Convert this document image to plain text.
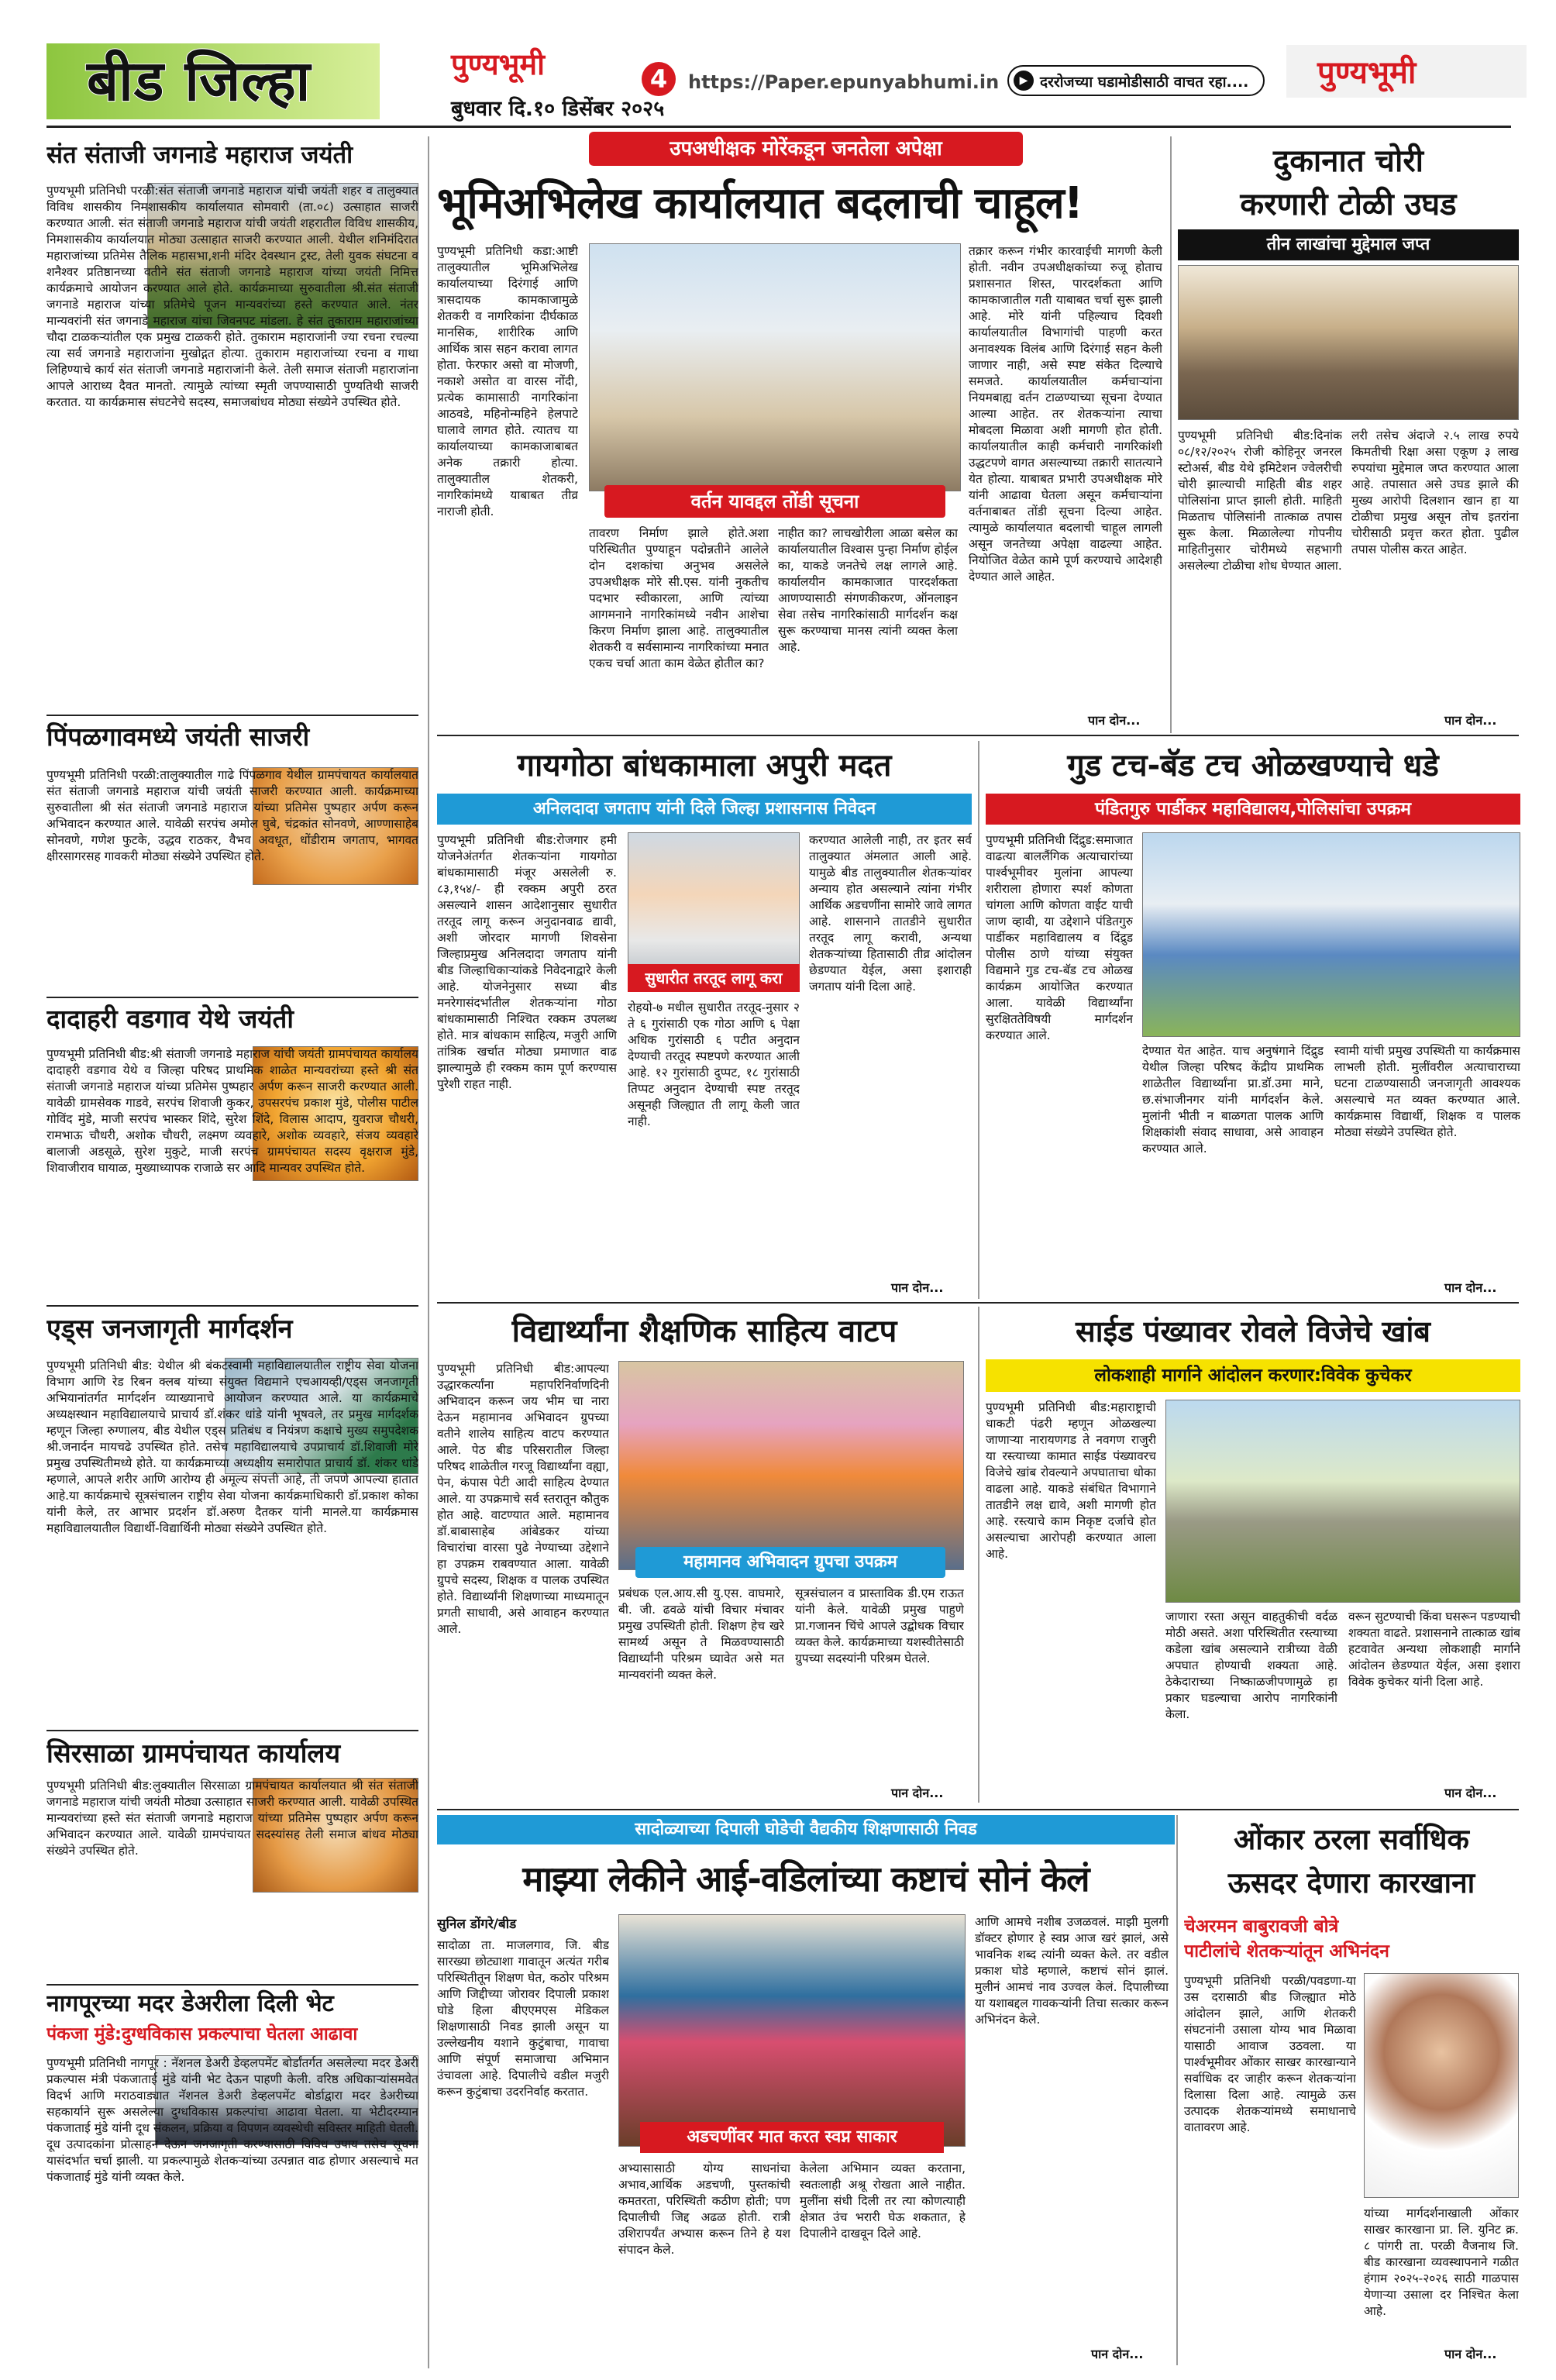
बीड जिल्हा	पुण्यभूमी
बुधवार दि.१० डिसेंबर २०२५
4	https://Paper.epunyabhumi.in	▶ दररोजच्या घडामोडीसाठी वाचत रहा.... पुण्यभूमी
संत संताजी जगनाडे महाराज जयंती
पुण्यभूमी प्रतिनिधी परळी:संत संताजी जगनाडे महाराज यांची जयंती शहर व तालुक्यात विविध शासकीय निमशासकीय कार्यालयात सोमवारी (ता.०८) उत्साहात साजरी करण्यात आली. संत संताजी जगनाडे महाराज यांची जयंती शहरातील विविध शासकीय, निमशासकीय कार्यालयात मोठ्या उत्साहात साजरी करण्यात आली. येथील शनिमंदिरात महाराजांच्या प्रतिमेस तैलिक महासभा,शनी मंदिर देवस्थान ट्रस्ट, तेली युवक संघटना व शनैश्वर प्रतिष्ठानच्या वतीने संत संताजी जगनाडे महाराज यांच्या जयंती निमित्त कार्यक्रमाचे आयोजन करण्यात आले होते. कार्यक्रमाच्या सुरुवातीला श्री.संत संताजी जगनाडे महाराज यांच्या प्रतिमेचे पूजन मान्यवरांच्या हस्ते करण्यात आले. नंतर मान्यवरांनी संत जगनाडे महाराज यांचा जिवनपट मांडला. हे संत तुकाराम महाराजांच्या चौदा टाळकऱ्यांतील एक प्रमुख टाळकरी होते. तुकाराम महाराजांनी ज्या रचना रचल्या त्या सर्व जगनाडे महाराजांना मुखोद्गत होत्या. तुकाराम महाराजांच्या रचना व गाथा लिहिण्याचे कार्य संत संताजी जगनाडे महाराजांनी केले. तेली समाज संताजी महाराजांना आपले आराध्य दैवत मानतो. त्यामुळे त्यांच्या स्मृती जपण्यासाठी पुण्यतिथी साजरी करतात. या कार्यक्रमास संघटनेचे सदस्य, समाजबांधव मोठ्या संख्येने उपस्थित होते.
पिंपळगावमध्ये जयंती साजरी
पुण्यभूमी प्रतिनिधी परळी:तालुक्यातील गाढे पिंपळगाव येथील ग्रामपंचायत कार्यालयात संत संताजी जगनाडे महाराज यांची जयंती साजरी करण्यात आली. कार्यक्रमाच्या सुरुवातीला श्री संत संताजी जगनाडे महाराज यांच्या प्रतिमेस पुष्पहार अर्पण करून अभिवादन करण्यात आले. यावेळी सरपंच अमोल घुबे, चंद्रकांत सोनवणे, आण्णासाहेब सोनवणे, गणेश फुटके, उद्धव राठकर, वैभव अवधूत, धोंडीराम जगताप, भागवत क्षीरसागरसह गावकरी मोठ्या संख्येने उपस्थित होते.
दादाहरी वडगाव येथे जयंती
पुण्यभूमी प्रतिनिधी बीड:श्री संताजी जगनाडे महाराज यांची जयंती ग्रामपंचायत कार्यालय दादाहरी वडगाव येथे व जिल्हा परिषद प्राथमिक शाळेत मान्यवरांच्या हस्ते श्री संत संताजी जगनाडे महाराज यांच्या प्रतिमेस पुष्पहार अर्पण करून साजरी करण्यात आली. यावेळी ग्रामसेवक गाडवे, सरपंच शिवाजी कुकर, उपसरपंच प्रकाश मुंडे, पोलीस पाटील गोविंद मुंडे, माजी सरपंच भास्कर शिंदे, सुरेश शिंदे, विलास आदाप, युवराज चौधरी, रामभाऊ चौधरी, अशोक चौधरी, लक्ष्मण व्यवहारे, अशोक व्यवहारे, संजय व्यवहारे बालाजी अडसूळे, सुरेश मुकुटे, माजी सरपंच ग्रामपंचायत सदस्य वृक्षराज मुंडे, शिवाजीराव घायाळ, मुख्याध्यापक राजाळे सर आदि मान्यवर उपस्थित होते.
एड्स जनजागृती मार्गदर्शन
पुण्यभूमी प्रतिनिधी बीड: येथील श्री बंकटस्वामी महाविद्यालयातील राष्ट्रीय सेवा योजना विभाग आणि रेड रिबन क्लब यांच्या संयुक्त विद्यमाने एचआयव्ही/एड्स जनजागृती अभियानांतर्गत मार्गदर्शन व्याख्यानाचे आयोजन करण्यात आले. या कार्यक्रमाचे अध्यक्षस्थान महाविद्यालयाचे प्राचार्य डॉ.शंकर धांडे यांनी भूषवले, तर प्रमुख मार्गदर्शक म्हणून जिल्हा रुग्णालय, बीड येथील एड्स प्रतिबंध व नियंत्रण कक्षाचे मुख्य समुपदेशक श्री.जनार्दन मायचढे उपस्थित होते. तसेच महाविद्यालयाचे उपप्राचार्य डॉ.शिवाजी मोरे प्रमुख उपस्थितीमध्ये होते. या कार्यक्रमाच्या अध्यक्षीय समारोपात प्राचार्य डॉ. शंकर धांडे म्हणाले, आपले शरीर आणि आरोग्य ही अमूल्य संपत्ती आहे, ती जपणे आपल्या हातात आहे.या कार्यक्रमाचे सूत्रसंचालन राष्ट्रीय सेवा योजना कार्यक्रमाधिकारी डॉ.प्रकाश कोका यांनी केले, तर आभार प्रदर्शन डॉ.अरुण दैतकर यांनी मानले.या कार्यक्रमास महाविद्यालयातील विद्यार्थी-विद्यार्थिनी मोठ्या संख्येने उपस्थित होते.
सिरसाळा ग्रामपंचायत कार्यालय
पुण्यभूमी प्रतिनिधी बीड:लुक्यातील सिरसाळा ग्रामपंचायत कार्यालयात श्री संत संताजी जगनाडे महाराज यांची जयंती मोठ्या उत्साहात साजरी करण्यात आली. यावेळी उपस्थित मान्यवरांच्या हस्ते संत संताजी जगनाडे महाराज यांच्या प्रतिमेस पुष्पहार अर्पण करून अभिवादन करण्यात आले. यावेळी ग्रामपंचायत सदस्यांसह तेली समाज बांधव मोठ्या संख्येने उपस्थित होते.
नागपूरच्या मदर डेअरीला दिली भेट
पंकजा मुंडे:दुग्धविकास प्रकल्पाचा घेतला आढावा
पुण्यभूमी प्रतिनिधी नागपूर : नॅशनल डेअरी डेव्हलपमेंट बोर्डांतर्गत असलेल्या मदर डेअरी प्रकल्पास मंत्री पंकजाताई मुंडे यांनी भेट देऊन पाहणी केली. वरिष्ठ अधिकाऱ्यांसमवेत विदर्भ आणि मराठवाड्यात नॅशनल डेअरी डेव्हलपमेंट बोर्डाद्वारा मदर डेअरीच्या सहकार्याने सुरू असलेल्या दुग्धविकास प्रकल्पांचा आढावा घेतला. या भेटीदरम्यान पंकजाताई मुंडे यांनी दूध संकलन, प्रक्रिया व विपणन व्यवस्थेची सविस्तर माहिती घेतली. दूध उत्पादकांना प्रोत्साहन देऊन जनजागृती करण्यासाठी विविध उपाय तसेच सूचना यासंदर्भात चर्चा झाली. या प्रकल्पामुळे शेतकऱ्यांच्या उत्पन्नात वाढ होणार असल्याचे मत पंकजाताई मुंडे यांनी व्यक्त केले.
उपअधीक्षक मोरेंकडून जनतेला अपेक्षा
भूमिअभिलेख कार्यालयात बदलाची चाहूल!
पुण्यभूमी प्रतिनिधी कडा:आष्टी तालुक्यातील भूमिअभिलेख कार्यालयाच्या दिरंगाई आणि त्रासदायक कामकाजामुळे शेतकरी व नागरिकांना दीर्घकाळ मानसिक, शारीरिक आणि आर्थिक त्रास सहन करावा लागत होता. फेरफार असो वा मोजणी, नकाशे असोत वा वारस नोंदी, प्रत्येक कामासाठी नागरिकांना आठवडे, महिनोन्महिने हेलपाटे घालावे लागत होते. त्यातच या कार्यालयाच्या कामकाजाबाबत अनेक तक्रारी होत्या. तालुक्यातील शेतकरी, नागरिकांमध्ये याबाबत तीव्र नाराजी होती.	वर्तन यावद्दल तोंडी सूचना
तावरण निर्माण झाले होते.अशा परिस्थितीत पुण्याहून पदोन्नतीने आलेले दोन दशकांचा अनुभव असलेले उपअधीक्षक मोरे सी.एस. यांनी नुकतीच पदभार स्वीकारला, आणि त्यांच्या आगमनाने नागरिकांमध्ये नवीन आशेचा किरण निर्माण झाला आहे. तालुक्यातील शेतकरी व सर्वसामान्य नागरिकांच्या मनात एकच चर्चा आता काम वेळेत होतील का?
नाहीत का? लाचखोरीला आळा बसेल का कार्यालयातील विश्वास पुन्हा निर्माण होईल का, याकडे जनतेचे लक्ष लागले आहे. कार्यालयीन कामकाजात पारदर्शकता आणण्यासाठी संगणकीकरण, ऑनलाइन सेवा तसेच नागरिकांसाठी मार्गदर्शन कक्ष सुरू करण्याचा मानस त्यांनी व्यक्त केला आहे.
तक्रार करून गंभीर कारवाईची मागणी केली होती. नवीन उपअधीक्षकांच्या रुजू होताच प्रशासनात शिस्त, पारदर्शकता आणि कामकाजातील गती याबाबत चर्चा सुरू झाली आहे. मोरे यांनी पहिल्याच दिवशी कार्यालयातील विभागांची पाहणी करत अनावश्यक विलंब आणि दिरंगाई सहन केली जाणार नाही, असे स्पष्ट संकेत दिल्याचे समजते. कार्यालयातील कर्मचाऱ्यांना नियमबाह्य वर्तन टाळण्याच्या सूचना देण्यात आल्या आहेत. तर शेतकऱ्यांना त्याचा मोबदला मिळावा अशी मागणी होत होती. कार्यालयातील काही कर्मचारी नागरिकांशी उद्धटपणे वागत असल्याच्या तक्रारी सातत्याने येत होत्या. याबाबत प्रभारी उपअधीक्षक मोरे यांनी आढावा घेतला असून कर्मचाऱ्यांना वर्तनाबाबत तोंडी सूचना दिल्या आहेत. त्यामुळे कार्यालयात बदलाची चाहूल लागली असून जनतेच्या अपेक्षा वाढल्या आहेत. नियोजित वेळेत कामे पूर्ण करण्याचे आदेशही देण्यात आले आहेत.
पान दोन...
दुकानात चोरी
करणारी टोळी उघड
तीन लाखांचा मुद्देमाल जप्त
पुण्यभूमी प्रतिनिधी बीड:दिनांक ०८/१२/२०२५ रोजी कोहिनूर जनरल स्टोअर्स, बीड येथे इमिटेशन ज्वेलरीची चोरी झाल्याची माहिती बीड शहर पोलिसांना प्राप्त झाली होती. माहिती मिळताच पोलिसांनी तात्काळ तपास सुरू केला. मिळालेल्या गोपनीय माहितीनुसार चोरीमध्ये सहभागी असलेल्या टोळीचा शोध घेण्यात आला.
लरी तसेच अंदाजे २.५ लाख रुपये किमतीची रिक्षा असा एकूण ३ लाख रुपयांचा मुद्देमाल जप्त करण्यात आला आहे. तपासात असे उघड झाले की मुख्य आरोपी दिलशान खान हा या टोळीचा प्रमुख असून तोच इतरांना चोरीसाठी प्रवृत्त करत होता. पुढील तपास पोलीस करत आहेत.
पान दोन...
गायगोठा बांधकामाला अपुरी मदत
अनिलदादा जगताप यांनी दिले जिल्हा प्रशासनास निवेदन
पुण्यभूमी प्रतिनिधी बीड:रोजगार हमी योजनेअंतर्गत शेतकऱ्यांना गायगोठा बांधकामासाठी मंजूर असलेली रु. ८३,१५४/- ही रक्कम अपुरी ठरत असल्याने शासन आदेशानुसार सुधारीत तरतूद लागू करून अनुदानवाढ द्यावी, अशी जोरदार मागणी शिवसेना जिल्हाप्रमुख अनिलदादा जगताप यांनी बीड जिल्हाधिकाऱ्यांकडे निवेदनाद्वारे केली आहे. योजनेनुसार सध्या बीड मनरेगासंदर्भातील शेतकऱ्यांना गोठा बांधकामासाठी निश्चित रक्कम उपलब्ध होते. मात्र बांधकाम साहित्य, मजुरी आणि तांत्रिक खर्चात मोठ्या प्रमाणात वाढ झाल्यामुळे ही रक्कम काम पूर्ण करण्यास पुरेशी राहत नाही.
सुधारीत तरतूद लागू करा
रोहयो-७ मधील सुधारीत तरतूद-नुसार २ ते ६ गुरांसाठी एक गोठा आणि ६ पेक्षा अधिक गुरांसाठी ६ पटीत अनुदान देण्याची तरतूद स्पष्टपणे करण्यात आली आहे. १२ गुरांसाठी दुप्पट, १८ गुरांसाठी तिप्पट अनुदान देण्याची स्पष्ट तरतूद असूनही जिल्ह्यात ती लागू केली जात नाही.
करण्यात आलेली नाही, तर इतर सर्व तालुक्यात अंमलात आली आहे. यामुळे बीड तालुक्यातील शेतकऱ्यांवर अन्याय होत असल्याने त्यांना गंभीर आर्थिक अडचणींना सामोरे जावे लागत आहे. शासनाने तातडीने सुधारीत तरतूद लागू करावी, अन्यथा शेतकऱ्यांच्या हितासाठी तीव्र आंदोलन छेडण्यात येईल, असा इशाराही जगताप यांनी दिला आहे.
पान दोन...
गुड टच-बॅड टच ओळखण्याचे धडे
पंडितगुरु पार्डीकर महाविद्यालय,पोलिसांचा उपक्रम
पुण्यभूमी प्रतिनिधी दिंद्रुड:समाजात वाढत्या बाललैंगिक अत्याचारांच्या पार्श्वभूमीवर मुलांना आपल्या शरीराला होणारा स्पर्श कोणता चांगला आणि कोणता वाईट याची जाण व्हावी, या उद्देशाने पंडितगुरु पार्डीकर महाविद्यालय व दिंद्रुड पोलीस ठाणे यांच्या संयुक्त विद्यमाने गुड टच-बॅड टच ओळख कार्यक्रम आयोजित करण्यात आला. यावेळी विद्यार्थ्यांना सुरक्षिततेविषयी मार्गदर्शन करण्यात आले.
देण्यात येत आहेत. याच अनुषंगाने दिंद्रुड येथील जिल्हा परिषद केंद्रीय प्राथमिक शाळेतील विद्यार्थ्यांना प्रा.डॉ.उमा माने, छ.संभाजीनगर यांनी मार्गदर्शन केले. मुलांनी भीती न बाळगता पालक आणि शिक्षकांशी संवाद साधावा, असे आवाहन करण्यात आले.
स्वामी यांची प्रमुख उपस्थिती या कार्यक्रमास लाभली होती. मुलींवरील अत्याचाराच्या घटना टाळण्यासाठी जनजागृती आवश्यक असल्याचे मत व्यक्त करण्यात आले. कार्यक्रमास विद्यार्थी, शिक्षक व पालक मोठ्या संख्येने उपस्थित होते.
पान दोन...
विद्यार्थ्यांना शैक्षणिक साहित्य वाटप
पुण्यभूमी प्रतिनिधी बीड:आपल्या उद्धारकर्त्यांना महापरिनिर्वाणदिनी अभिवादन करून जय भीम चा नारा देऊन महामानव अभिवादन ग्रुपच्या वतीने शालेय साहित्य वाटप करण्यात आले. पेठ बीड परिसरातील जिल्हा परिषद शाळेतील गरजू विद्यार्थ्यांना वह्या, पेन, कंपास पेटी आदी साहित्य देण्यात आले. या उपक्रमाचे सर्व स्तरातून कौतुक होत आहे. वाटण्यात आले. महामानव डॉ.बाबासाहेब आंबेडकर यांच्या विचारांचा वारसा पुढे नेण्याच्या उद्देशाने हा उपक्रम राबवण्यात आला. यावेळी ग्रुपचे सदस्य, शिक्षक व पालक उपस्थित होते. विद्यार्थ्यांनी शिक्षणाच्या माध्यमातून प्रगती साधावी, असे आवाहन करण्यात आले.
महामानव अभिवादन ग्रुपचा उपक्रम
प्रबंधक एल.आय.सी यु.एस. वाघमारे, बी. जी. ढवळे यांची विचार मंचावर प्रमुख उपस्थिती होती. शिक्षण हेच खरे सामर्थ्य असून ते मिळवण्यासाठी विद्यार्थ्यांनी परिश्रम घ्यावेत असे मत मान्यवरांनी व्यक्त केले.
सूत्रसंचालन व प्रास्ताविक डी.एम राऊत यांनी केले. यावेळी प्रमुख पाहुणे प्रा.गजानन चिंचे आपले उद्बोधक विचार व्यक्त केले. कार्यक्रमाच्या यशस्वीतेसाठी ग्रुपच्या सदस्यांनी परिश्रम घेतले.
पान दोन...
साईड पंख्यावर रोवले विजेचे खांब
लोकशाही मार्गाने आंदोलन करणार:विवेक कुचेकर
पुण्यभूमी प्रतिनिधी बीड:महाराष्ट्राची धाकटी पंढरी म्हणून ओळखल्या जाणाऱ्या नारायणगड ते नवगण राजुरी या रस्त्याच्या कामात साईड पंख्यावरच विजेचे खांब रोवल्याने अपघाताचा धोका वाढला आहे. याकडे संबंधित विभागाने तातडीने लक्ष द्यावे, अशी मागणी होत आहे. रस्त्याचे काम निकृष्ट दर्जाचे होत असल्याचा आरोपही करण्यात आला आहे.
जाणारा रस्ता असून वाहतुकीची वर्दळ मोठी असते. अशा परिस्थितीत रस्त्याच्या कडेला खांब असल्याने रात्रीच्या वेळी अपघात होण्याची शक्यता आहे. ठेकेदाराच्या निष्काळजीपणामुळे हा प्रकार घडल्याचा आरोप नागरिकांनी केला.
वरून सुटण्याची किंवा घसरून पडण्याची शक्यता वाढते. प्रशासनाने तात्काळ खांब हटवावेत अन्यथा लोकशाही मार्गाने आंदोलन छेडण्यात येईल, असा इशारा विवेक कुचेकर यांनी दिला आहे.
पान दोन...
सादोळ्याच्या दिपाली घोडेची वैद्यकीय शिक्षणासाठी निवड
माझ्या लेकीने आई-वडिलांच्या कष्टाचं सोनं केलं
सुनिल डोंगरे/बीड
सादोळा ता. माजलगाव, जि. बीड सारख्या छोट्याशा गावातून अत्यंत गरीब परिस्थितीतून शिक्षण घेत, कठोर परिश्रम आणि जिद्दीच्या जोरावर दिपाली प्रकाश घोडे हिला बीएएमएस मेडिकल शिक्षणासाठी निवड झाली असून या उल्लेखनीय यशाने कुटुंबाचा, गावाचा आणि संपूर्ण समाजाचा अभिमान उंचावला आहे. दिपालीचे वडील मजुरी करून कुटुंबाचा उदरनिर्वाह करतात.
अडचणींवर मात करत स्वप्न साकार
अभ्यासासाठी योग्य साधनांचा अभाव,आर्थिक अडचणी, पुस्तकांची कमतरता, परिस्थिती कठीण होती; पण दिपालीची जिद्द अढळ होती. रात्री उशिरापर्यंत अभ्यास करून तिने हे यश संपादन केले.
केलेला अभिमान व्यक्त करताना, स्वतःलाही अश्रू रोखता आले नाहीत. मुलींना संधी दिली तर त्या कोणत्याही क्षेत्रात उंच भरारी घेऊ शकतात, हे दिपालीने दाखवून दिले आहे.
आणि आमचे नशीब उजळवलं. माझी मुलगी डॉक्टर होणार हे स्वप्न आज खरं झालं, असे भावनिक शब्द त्यांनी व्यक्त केले. तर वडील प्रकाश घोडे म्हणाले, कष्टाचं सोनं झालं. मुलीनं आमचं नाव उज्वल केलं. दिपालीच्या या यशाबद्दल गावकऱ्यांनी तिचा सत्कार करून अभिनंदन केले.
पान दोन...
ओंकार ठरला सर्वाधिक
ऊसदर देणारा कारखाना
चेअरमन बाबुरावजी बोत्रे
पाटीलांचे शेतकऱ्यांतून अभिनंदन
पुण्यभूमी प्रतिनिधी परळी/पवडणा-या उस दरासाठी बीड जिल्ह्यात मोठे आंदोलन झाले, आणि शेतकरी संघटनांनी उसाला योग्य भाव मिळावा यासाठी आवाज उठवला. या पार्श्वभूमीवर ओंकार साखर कारखान्याने सर्वाधिक दर जाहीर करून शेतकऱ्यांना दिलासा दिला आहे. त्यामुळे ऊस उत्पादक शेतकऱ्यांमध्ये समाधानाचे वातावरण आहे.
यांच्या मार्गदर्शनाखाली ओंकार साखर कारखाना प्रा. लि. युनिट क्र. ८ पांगरी ता. परळी वैजनाथ जि. बीड कारखाना व्यवस्थापनाने गळीत हंगाम २०२५-२०२६ साठी गाळपास येणाऱ्या उसाला दर निश्चित केला आहे.
पान दोन...
